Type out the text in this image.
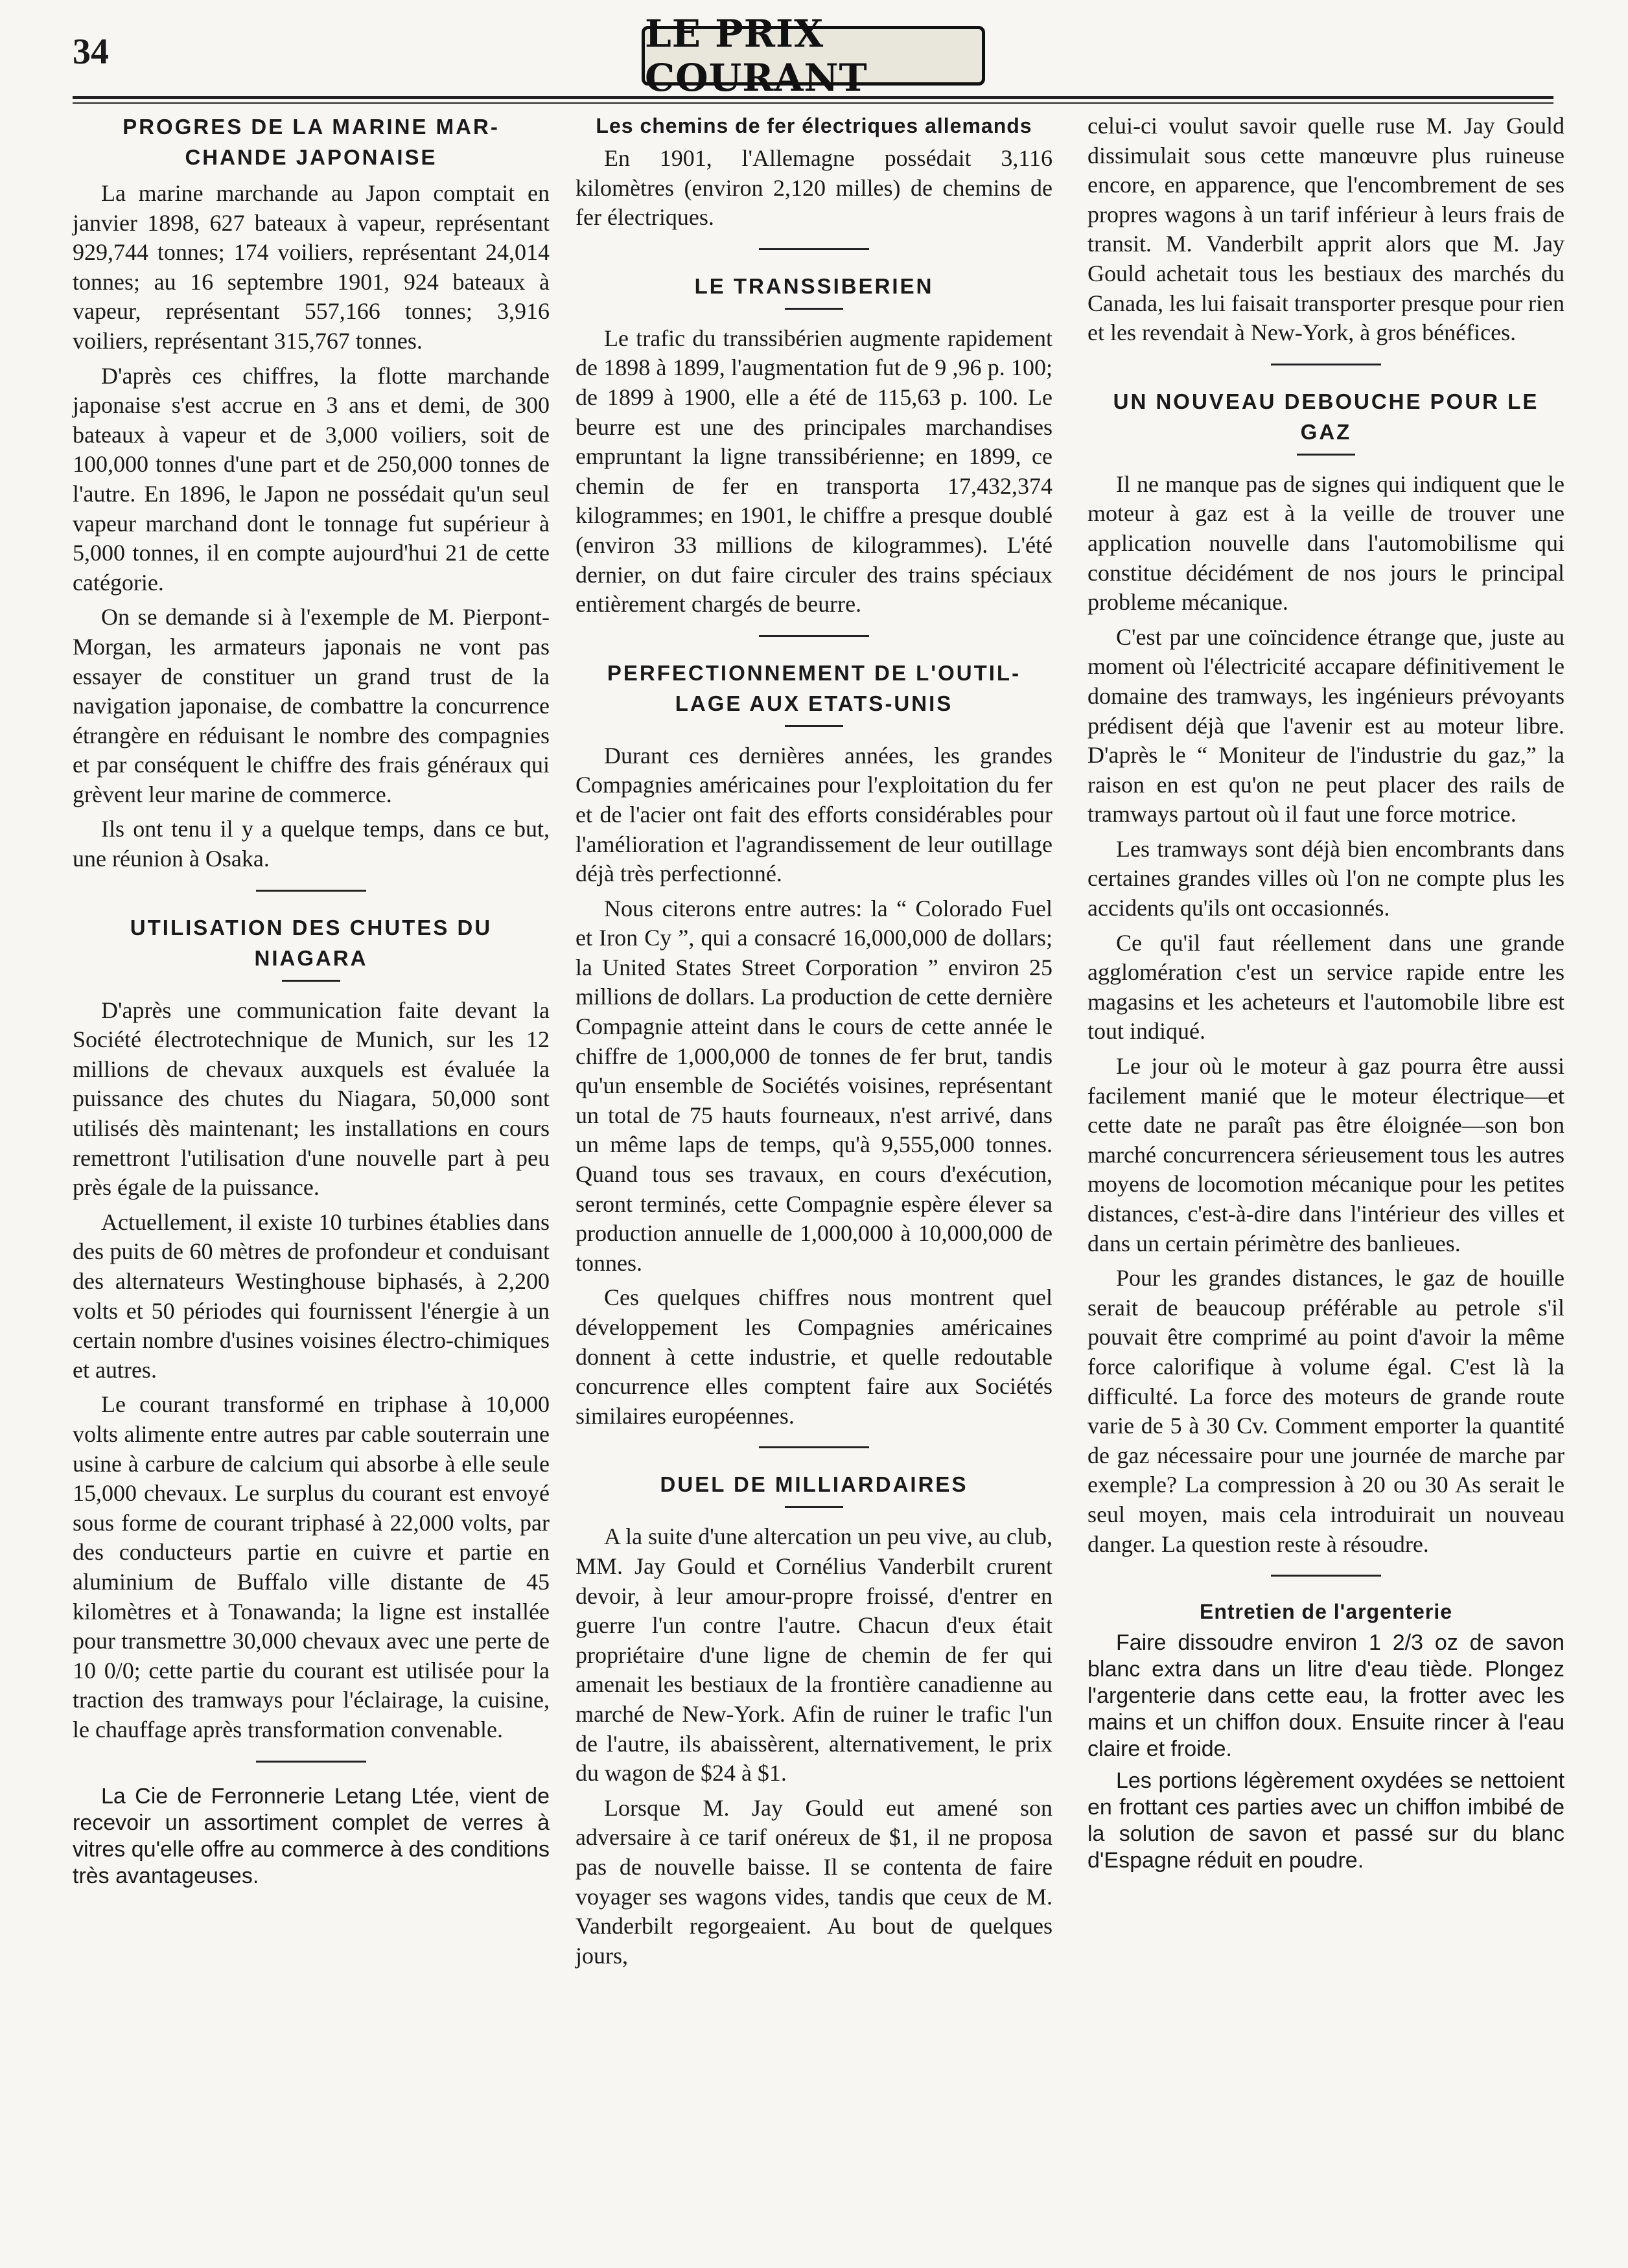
34	LE PRIX COURANT
PROGRES DE LA MARINE MAR-CHANDE JAPONAISE

La marine marchande au Japon comptait en janvier 1898, 627 bateaux à vapeur, représentant 929,744 tonnes; 174 voiliers, représentant 24,014 tonnes; au 16 septembre 1901, 924 bateaux à vapeur, représentant 557,166 tonnes; 3,916 voiliers, représentant 315,767 tonnes.

D'après ces chiffres, la flotte marchande japonaise s'est accrue en 3 ans et demi, de 300 bateaux à vapeur et de 3,000 voiliers, soit de 100,000 tonnes d'une part et de 250,000 tonnes de l'autre. En 1896, le Japon ne possédait qu'un seul vapeur marchand dont le tonnage fut supérieur à 5,000 tonnes, il en compte aujourd'hui 21 de cette catégorie.

On se demande si à l'exemple de M. Pierpont-Morgan, les armateurs japonais ne vont pas essayer de constituer un grand trust de la navigation japonaise, de combattre la concurrence étrangère en réduisant le nombre des compagnies et par conséquent le chiffre des frais généraux qui grèvent leur marine de commerce.

Ils ont tenu il y a quelque temps, dans ce but, une réunion à Osaka.

UTILISATION DES CHUTES DU NIAGARA

D'après une communication faite devant la Société électrotechnique de Munich, sur les 12 millions de chevaux auxquels est évaluée la puissance des chutes du Niagara, 50,000 sont utilisés dès maintenant; les installations en cours remettront l'utilisation d'une nouvelle part à peu près égale de la puissance.

Actuellement, il existe 10 turbines établies dans des puits de 60 mètres de profondeur et conduisant des alternateurs Westinghouse biphasés, à 2,200 volts et 50 périodes qui fournissent l'énergie à un certain nombre d'usines voisines électro-chimiques et autres.

Le courant transformé en triphase à 10,000 volts alimente entre autres par cable souterrain une usine à carbure de calcium qui absorbe à elle seule 15,000 chevaux. Le surplus du courant est envoyé sous forme de courant triphasé à 22,000 volts, par des conducteurs partie en cuivre et partie en aluminium de Buffalo ville distante de 45 kilomètres et à Tonawanda; la ligne est installée pour transmettre 30,000 chevaux avec une perte de 10 0/0; cette partie du courant est utilisée pour la traction des tramways pour l'éclairage, la cuisine, le chauffage après transformation convenable.

La Cie de Ferronnerie Letang Ltée, vient de recevoir un assortiment complet de verres à vitres qu'elle offre au commerce à des conditions très avantageuses.

Les chemins de fer électriques allemands

En 1901, l'Allemagne possédait 3,116 kilomètres (environ 2,120 milles) de chemins de fer électriques.

LE TRANSSIBERIEN

Le trafic du transsibérien augmente rapidement de 1898 à 1899, l'augmentation fut de 9 ,96 p. 100; de 1899 à 1900, elle a été de 115,63 p. 100. Le beurre est une des principales marchandises empruntant la ligne transsibérienne; en 1899, ce chemin de fer en transporta 17,432,374 kilogrammes; en 1901, le chiffre a presque doublé (environ 33 millions de kilogrammes). L'été dernier, on dut faire circuler des trains spéciaux entièrement chargés de beurre.

PERFECTIONNEMENT DE L'OUTIL-LAGE AUX ETATS-UNIS

Durant ces dernières années, les grandes Compagnies américaines pour l'exploitation du fer et de l'acier ont fait des efforts considérables pour l'amélioration et l'agrandissement de leur outillage déjà très perfectionné.

Nous citerons entre autres: la “ Colorado Fuel et Iron Cy ”, qui a consacré 16,000,000 de dollars; la United States Street Corporation ” environ 25 millions de dollars. La production de cette dernière Compagnie atteint dans le cours de cette année le chiffre de 1,000,000 de tonnes de fer brut, tandis qu'un ensemble de Sociétés voisines, représentant un total de 75 hauts fourneaux, n'est arrivé, dans un même laps de temps, qu'à 9,555,000 tonnes. Quand tous ses travaux, en cours d'exécution, seront terminés, cette Compagnie espère élever sa production annuelle de 1,000,000 à 10,000,000 de tonnes.

Ces quelques chiffres nous montrent quel développement les Compagnies américaines donnent à cette industrie, et quelle redoutable concurrence elles comptent faire aux Sociétés similaires européennes.

DUEL DE MILLIARDAIRES

A la suite d'une altercation un peu vive, au club, MM. Jay Gould et Cornélius Vanderbilt crurent devoir, à leur amour-propre froissé, d'entrer en guerre l'un contre l'autre. Chacun d'eux était propriétaire d'une ligne de chemin de fer qui amenait les bestiaux de la frontière canadienne au marché de New-York. Afin de ruiner le trafic l'un de l'autre, ils abaissèrent, alternativement, le prix du wagon de $24 à $1.

Lorsque M. Jay Gould eut amené son adversaire à ce tarif onéreux de $1, il ne proposa pas de nouvelle baisse. Il se contenta de faire voyager ses wagons vides, tandis que ceux de M. Vanderbilt regorgeaient. Au bout de quelques jours,

celui-ci voulut savoir quelle ruse M. Jay Gould dissimulait sous cette manœuvre plus ruineuse encore, en apparence, que l'encombrement de ses propres wagons à un tarif inférieur à leurs frais de transit. M. Vanderbilt apprit alors que M. Jay Gould achetait tous les bestiaux des marchés du Canada, les lui faisait transporter presque pour rien et les revendait à New-York, à gros bénéfices.

UN NOUVEAU DEBOUCHE POUR LE GAZ

Il ne manque pas de signes qui indiquent que le moteur à gaz est à la veille de trouver une application nouvelle dans l'automobilisme qui constitue décidément de nos jours le principal probleme mécanique.

C'est par une coïncidence étrange que, juste au moment où l'électricité accapare définitivement le domaine des tramways, les ingénieurs prévoyants prédisent déjà que l'avenir est au moteur libre. D'après le “ Moniteur de l'industrie du gaz,” la raison en est qu'on ne peut placer des rails de tramways partout où il faut une force motrice.

Les tramways sont déjà bien encombrants dans certaines grandes villes où l'on ne compte plus les accidents qu'ils ont occasionnés.

Ce qu'il faut réellement dans une grande agglomération c'est un service rapide entre les magasins et les acheteurs et l'automobile libre est tout indiqué.

Le jour où le moteur à gaz pourra être aussi facilement manié que le moteur électrique—et cette date ne paraît pas être éloignée—son bon marché concurrencera sérieusement tous les autres moyens de locomotion mécanique pour les petites distances, c'est-à-dire dans l'intérieur des villes et dans un certain périmètre des banlieues.

Pour les grandes distances, le gaz de houille serait de beaucoup préférable au petrole s'il pouvait être comprimé au point d'avoir la même force calorifique à volume égal. C'est là la difficulté. La force des moteurs de grande route varie de 5 à 30 Cv. Comment emporter la quantité de gaz nécessaire pour une journée de marche par exemple? La compression à 20 ou 30 As serait le seul moyen, mais cela introduirait un nouveau danger. La question reste à résoudre.

Entretien de l'argenterie

Faire dissoudre environ 1 2/3 oz de savon blanc extra dans un litre d'eau tiède. Plongez l'argenterie dans cette eau, la frotter avec les mains et un chiffon doux. Ensuite rincer à l'eau claire et froide.

Les portions légèrement oxydées se nettoient en frottant ces parties avec un chiffon imbibé de la solution de savon et passé sur du blanc d'Espagne réduit en poudre.
